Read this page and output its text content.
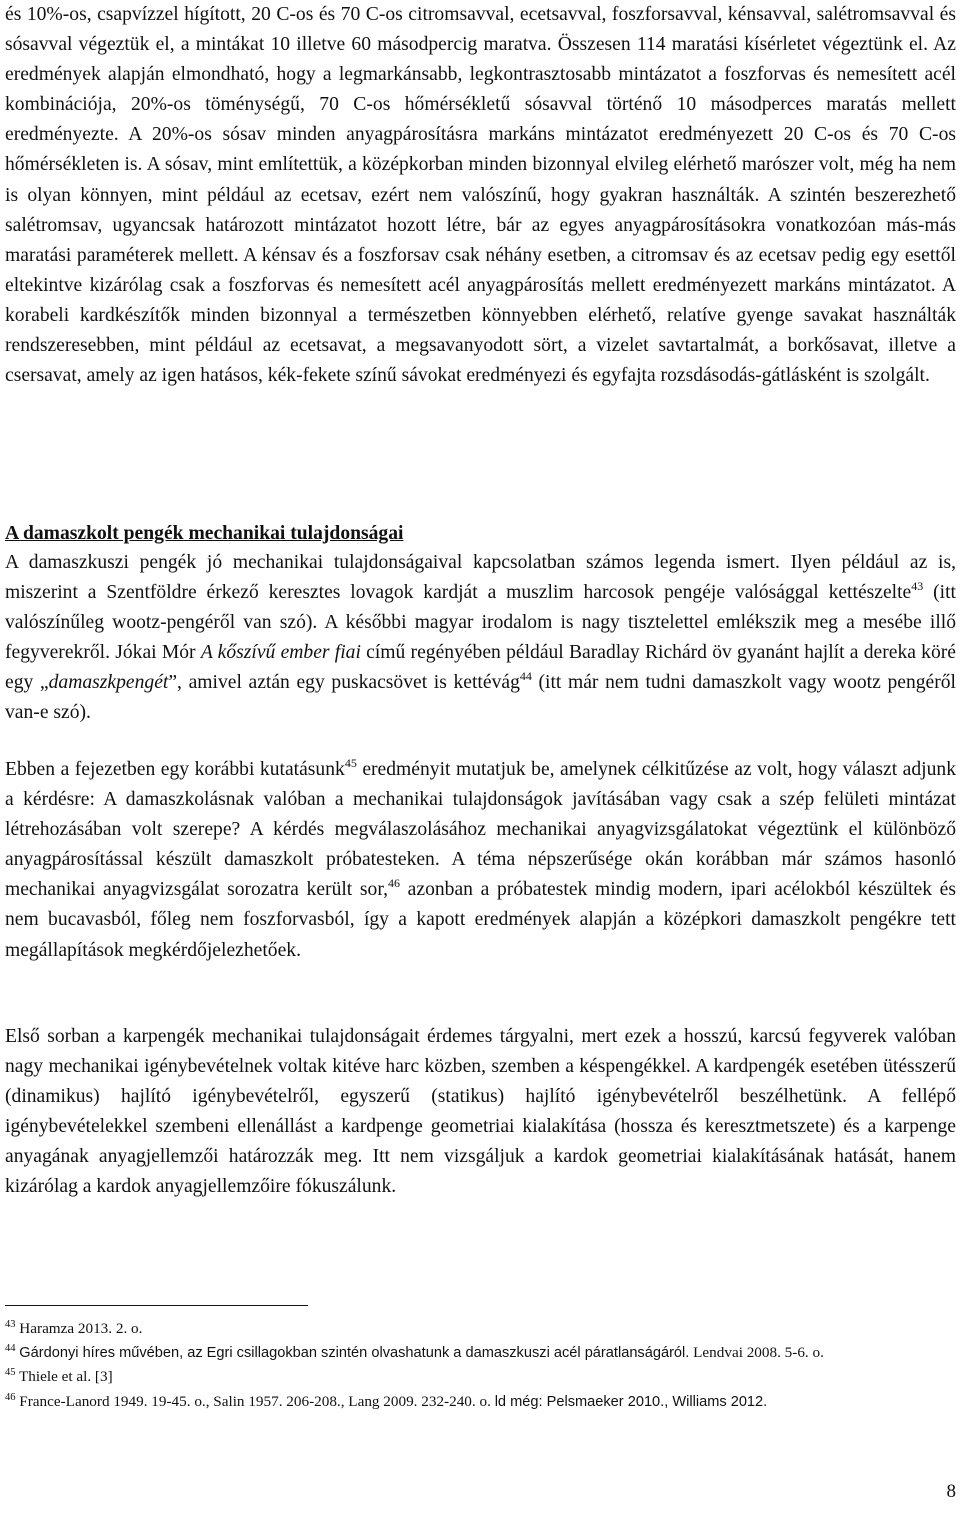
és 10%-os, csapvízzel hígított, 20 C-os és 70 C-os citromsavval, ecetsavval, foszforsavval, kénsavval, salétromsavval és sósavval végeztük el, a mintákat 10 illetve 60 másodpercig maratva. Összesen 114 maratási kísérletet végeztünk el. Az eredmények alapján elmondható, hogy a legmarkánsabb, legkontrasztosabb mintázatot a foszforvas és nemesített acél kombinációja, 20%-os töménységű, 70 C-os hőmérsékletű sósavval történő 10 másodperces maratás mellett eredményezte. A 20%-os sósav minden anyagpárosításra markáns mintázatot eredményezett 20 C-os és 70 C-os hőmérsékleten is. A sósav, mint említettük, a középkorban minden bizonnyal elvileg elérhető marószer volt, még ha nem is olyan könnyen, mint például az ecetsav, ezért nem valószínű, hogy gyakran használták. A szintén beszerezhető salétromsav, ugyancsak határozott mintázatot hozott létre, bár az egyes anyagpárosításokra vonatkozóan más-más maratási paraméterek mellett. A kénsav és a foszforsav csak néhány esetben, a citromsav és az ecetsav pedig egy esettől eltekintve kizárólag csak a foszforvas és nemesített acél anyagpárosítás mellett eredményezett markáns mintázatot. A korabeli kardkészítők minden bizonnyal a természetben könnyebben elérhető, relatíve gyenge savakat használták rendszeresebben, mint például az ecetsavat, a megsavanyodott sört, a vizelet savtartalmát, a borkősavat, illetve a csersavat, amely az igen hatásos, kék-fekete színű sávokat eredményezi és egyfajta rozsdásodás-gátlásként is szolgált.

A damaszkolt pengék mechanikai tulajdonságai

A damaszkuszi pengék jó mechanikai tulajdonságaival kapcsolatban számos legenda ismert. Ilyen például az is, miszerint a Szentföldre érkező keresztes lovagok kardját a muszlim harcosok pengéje valósággal kettészelte$^{43}$ (itt valószínűleg wootz-pengéről van szó). A későbbi magyar irodalom is nagy tisztelettel emlékszik meg a mesébe illő fegyverekről. Jókai Mór A kőszívű ember fiai című regényében például Baradlay Richárd öv gyanánt hajlít a dereka köré egy „damaszkpengét”, amivel aztán egy puskacsövet is kettévág$^{44}$ (itt már nem tudni damaszkolt vagy wootz pengéről van-e szó).

Ebben a fejezetben egy korábbi kutatásunk$^{45}$ eredményit mutatjuk be, amelynek célkitűzése az volt, hogy választ adjunk a kérdésre: A damaszkolásnak valóban a mechanikai tulajdonságok javításában vagy csak a szép felületi mintázat létrehozásában volt szerepe? A kérdés megválaszolásához mechanikai anyagvizsgálatokat végeztünk el különböző anyagpárosítással készült damaszkolt próbatesteken. A téma népszerűsége okán korábban már számos hasonló mechanikai anyagvizsgálat sorozatra került sor,$^{46}$ azonban a próbatestek mindig modern, ipari acélokból készültek és nem bucavasból, főleg nem foszforvasból, így a kapott eredmények alapján a középkori damaszkolt pengékre tett megállapítások megkérdőjelezhetőek.

Első sorban a karpengék mechanikai tulajdonságait érdemes tárgyalni, mert ezek a hosszú, karcsú fegyverek valóban nagy mechanikai igénybevételnek voltak kitéve harc közben, szemben a késpengékkel. A kardpengék esetében ütésszerű (dinamikus) hajlító igénybevételről, egyszerű (statikus) hajlító igénybevételről beszélhetünk. A fellépő igénybevételekkel szembeni ellenállást a kardpenge geometriai kialakítása (hossza és keresztmetszete) és a karpenge anyagának anyagjellemzői határozzák meg. Itt nem vizsgáljuk a kardok geometriai kialakításának hatását, hanem kizárólag a kardok anyagjellemzőire fókuszálunk.

$^{43}$ Haramza 2013. 2. o.

$^{44}$ Gárdonyi híres művében, az Egri csillagokban szintén olvashatunk a damaszkuszi acél páratlanságáról. Lendvai 2008. 5-6. o.

$^{45}$ Thiele et al. [3]

$^{46}$ France-Lanord 1949. 19-45. o., Salin 1957. 206-208., Lang 2009. 232-240. o. ld még: Pelsmaeker 2010., Williams 2012.

8
